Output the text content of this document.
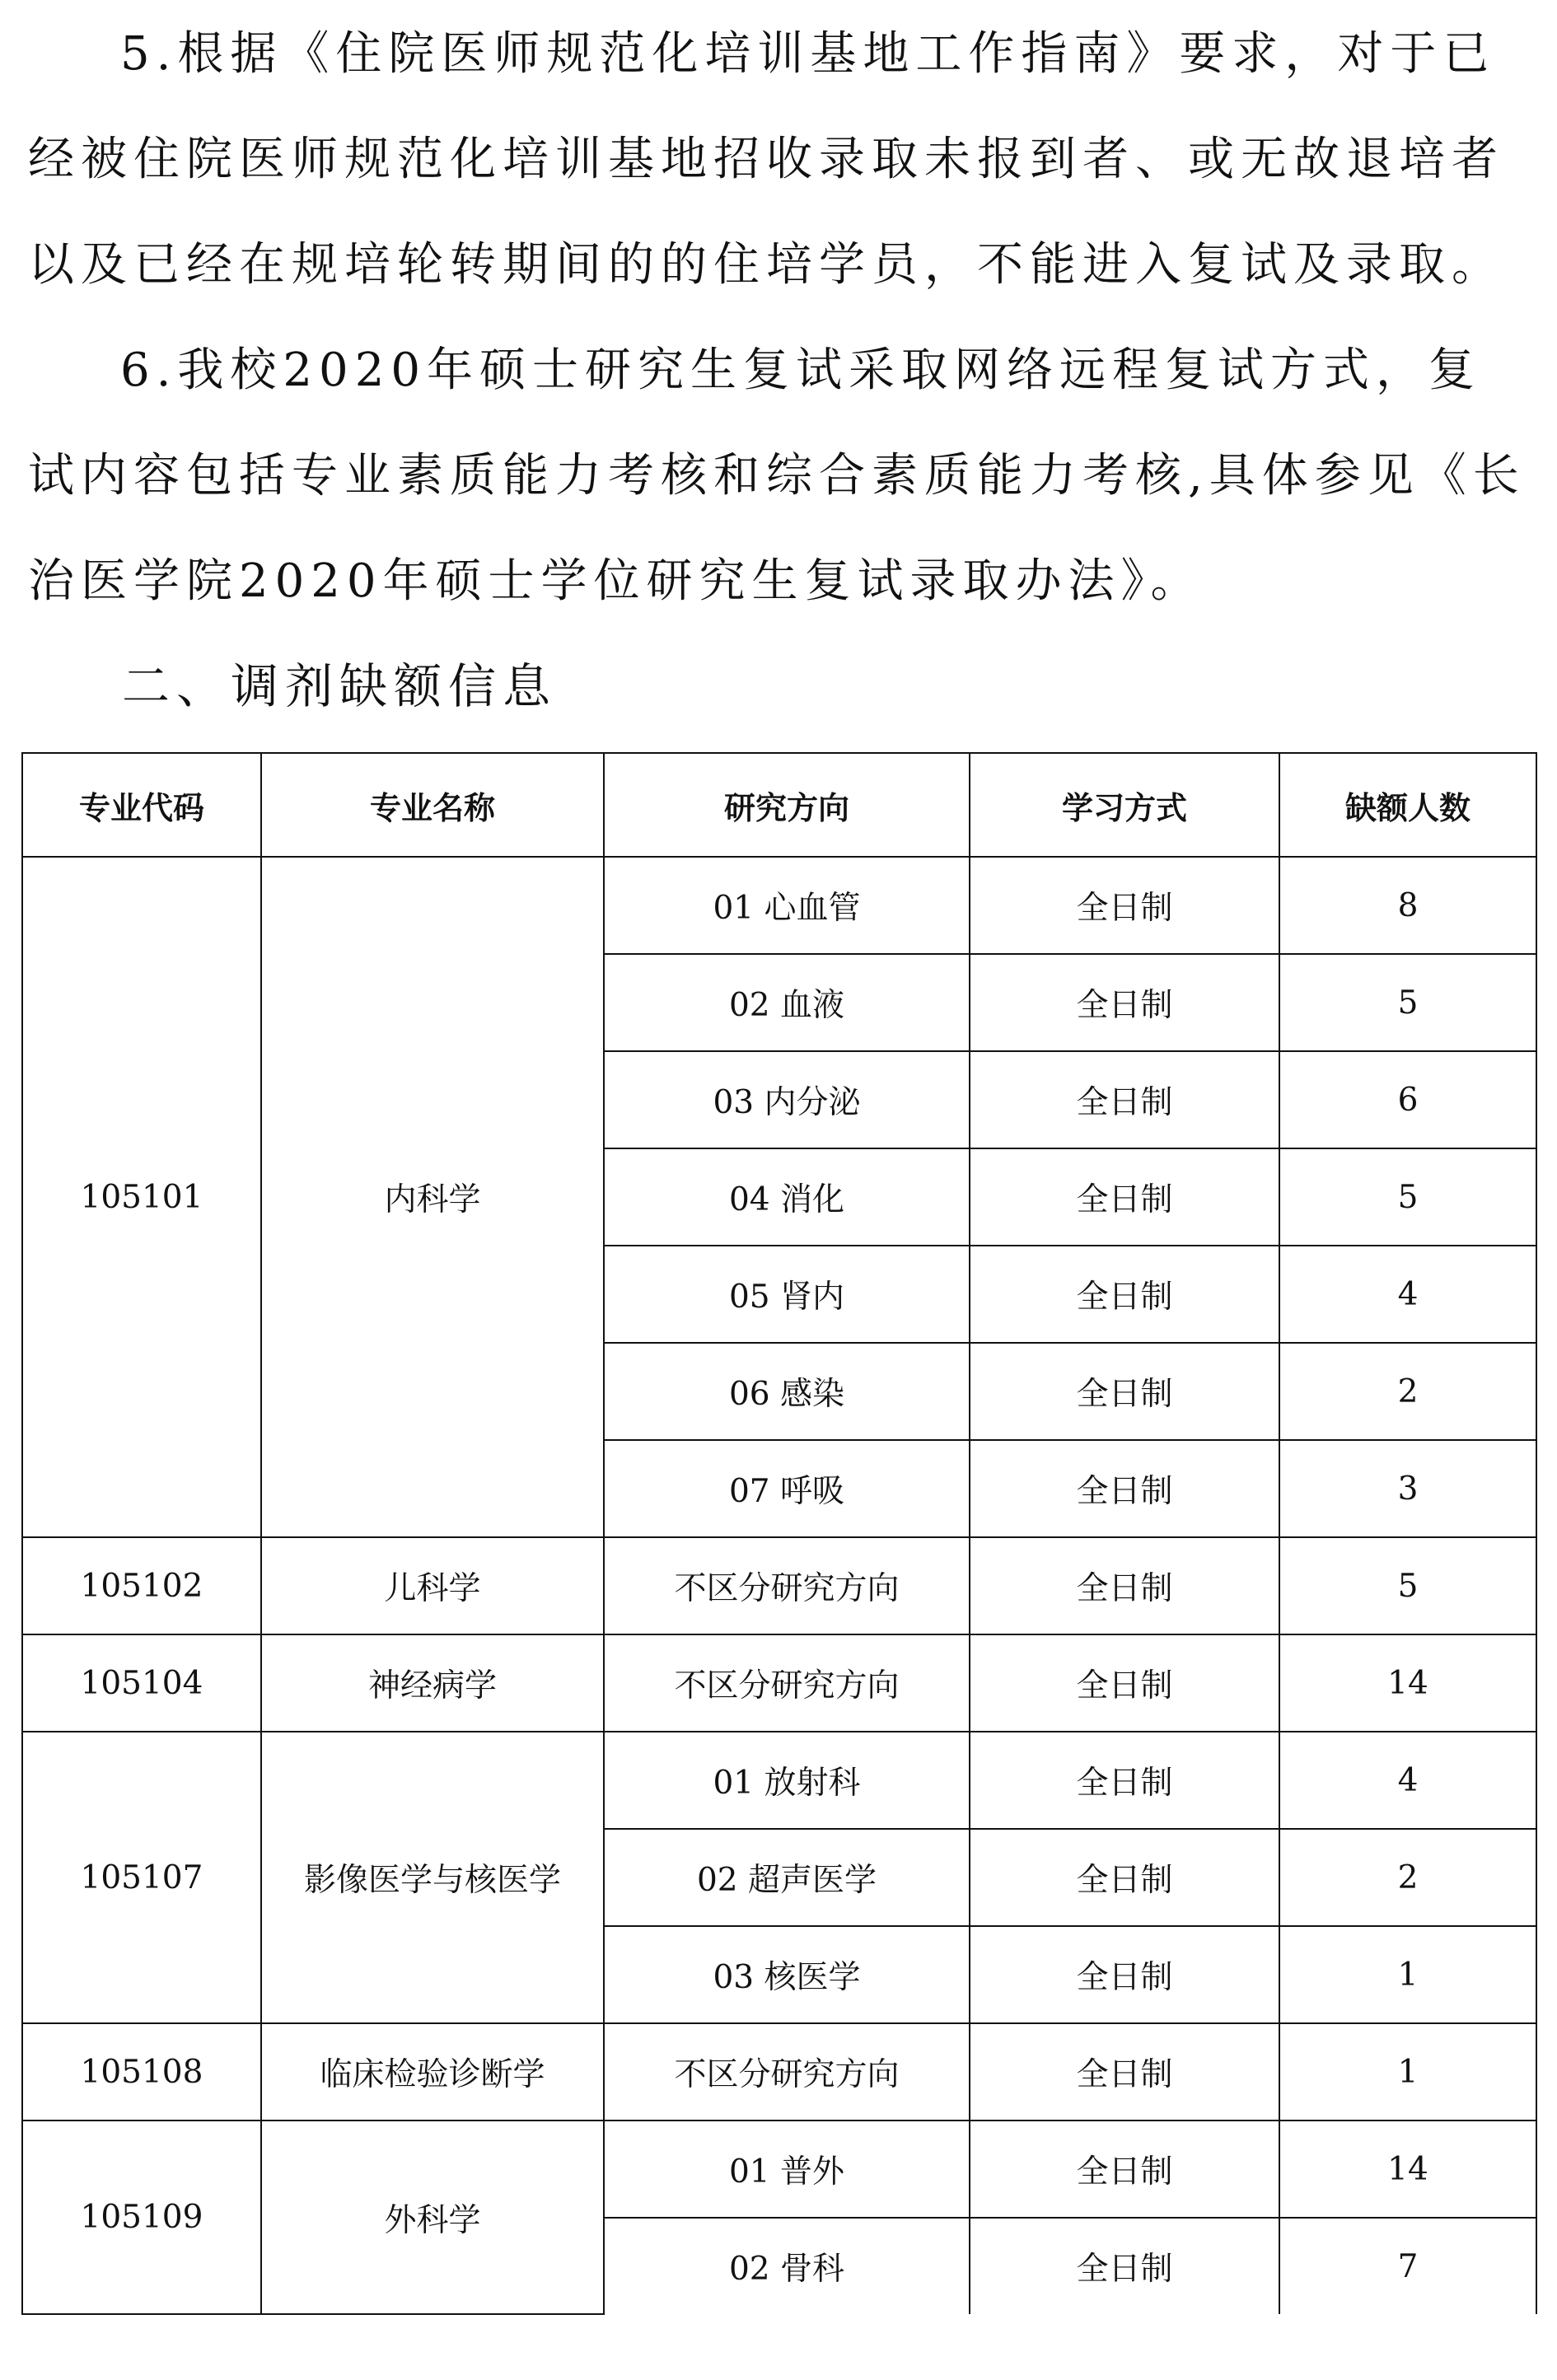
5.根据《住院医师规范化培训基地工作指南》要求，对于已经被住院医师规范化培训基地招收录取未报到者、或无故退培者以及已经在规培轮转期间的的住培学员，不能进入复试及录取。

6.我校2020年硕士研究生复试采取网络远程复试方式，复试内容包括专业素质能力考核和综合素质能力考核,具体参见《长治医学院2020年硕士学位研究生复试录取办法》。

二、调剂缺额信息
专业代码	专业名称	研究方向	学习方式	缺额人数
105101	内科学	01 心血管	全日制	8
		02 血液	全日制	5
		03 内分泌	全日制	6
		04 消化	全日制	5
		05 肾内	全日制	4
		06 感染	全日制	2
		07 呼吸	全日制	3
105102	儿科学	不区分研究方向	全日制	5
105104	神经病学	不区分研究方向	全日制	14
105107	影像医学与核医学	01 放射科	全日制	4
		02 超声医学	全日制	2
		03 核医学	全日制	1
105108	临床检验诊断学	不区分研究方向	全日制	1
105109	外科学	01 普外	全日制	14
		02 骨科	全日制	7
